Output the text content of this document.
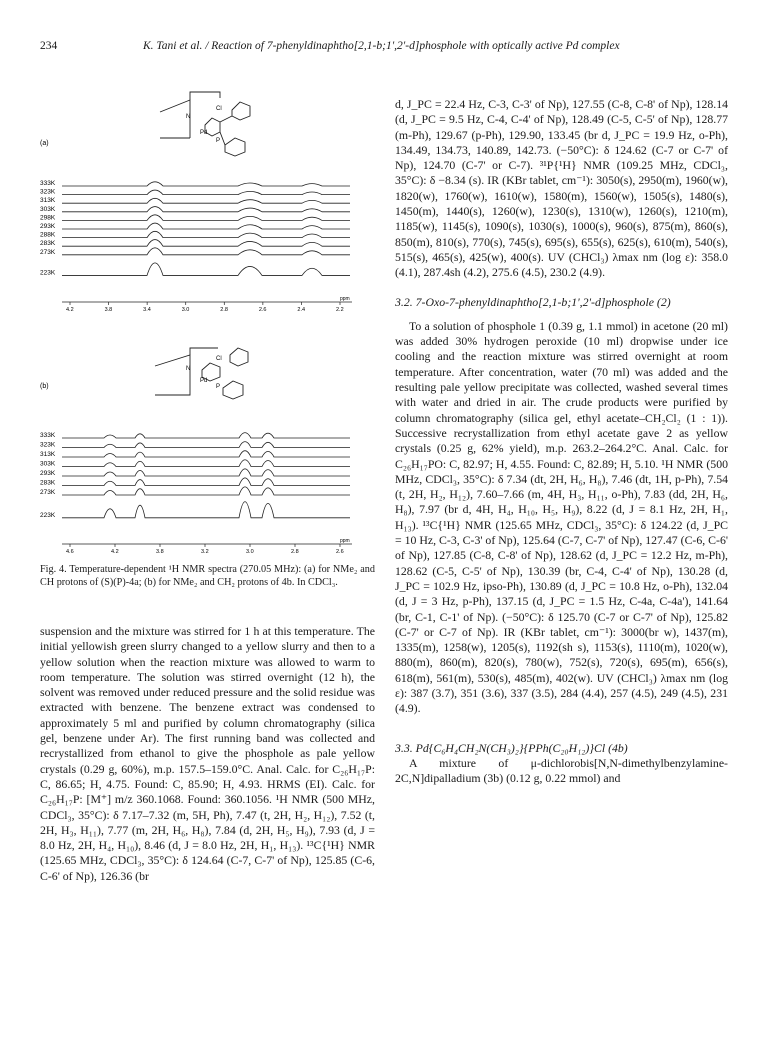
234	K. Tani et al. / Reaction of 7-phenyldinaphtho[2,1-b;1',2'-d]phosphole with optically active Pd complex
(a)
N
Pd
Cl
P
333K
323K
313K
303K
298K
293K
288K
283K
273K
223K
4.2	3.8	3.4	3.0	2.8	2.6	2.4	2.2
ppm
(b)
N
Pd
Cl
P
333K
323K
313K
303K
293K
283K
273K
223K
4.6	4.2	3.8	3.2	3.0	2.8	2.6
ppm
Fig. 4. Temperature-dependent ¹H NMR spectra (270.05 MHz): (a) for NMe₂ and CH protons of (S)(P)-4a; (b) for NMe₂ and CH₂ protons of 4b. In CDCl₃.

suspension and the mixture was stirred for 1 h at this temperature. The initial yellowish green slurry changed to a yellow slurry and then to a yellow solution when the reaction mixture was allowed to warm to room temperature. The solution was stirred overnight (12 h), the solvent was removed under reduced pressure and the solid residue was extracted with benzene. The benzene extract was condensed to approximately 5 ml and purified by column chromatography (silica gel, benzene under Ar). The first running band was collected and recrystallized from ethanol to give the phosphole as pale yellow crystals (0.29 g, 60%), m.p. 157.5–159.0°C. Anal. Calc. for C₂₆H₁₇P: C, 86.65; H, 4.75. Found: C, 85.90; H, 4.93. HRMS (EI). Calc. for C₂₆H₁₇P: [M⁺] m/z 360.1068. Found: 360.1056. ¹H NMR (500 MHz, CDCl₃, 35°C): δ 7.17–7.32 (m, 5H, Ph), 7.47 (t, 2H, H₂, H₁₂), 7.52 (t, 2H, H₃, H₁₁), 7.77 (m, 2H, H₆, H₈), 7.84 (d, 2H, H₅, H₉), 7.93 (d, J = 8.0 Hz, 2H, H₄, H₁₀), 8.46 (d, J = 8.0 Hz, 2H, H₁, H₁₃). ¹³C{¹H} NMR (125.65 MHz, CDCl₃, 35°C): δ 124.64 (C-7, C-7' of Np), 125.85 (C-6, C-6' of Np), 126.36 (br

d, J_PC = 22.4 Hz, C-3, C-3' of Np), 127.55 (C-8, C-8' of Np), 128.14 (d, J_PC = 9.5 Hz, C-4, C-4' of Np), 128.49 (C-5, C-5' of Np), 128.77 (m-Ph), 129.67 (p-Ph), 129.90, 133.45 (br d, J_PC = 19.9 Hz, o-Ph), 134.49, 134.73, 140.89, 142.73. (−50°C): δ 124.62 (C-7 or C-7' of Np), 124.70 (C-7' or C-7). ³¹P{¹H} NMR (109.25 MHz, CDCl₃, 35°C): δ −8.34 (s). IR (KBr tablet, cm⁻¹): 3050(s), 2950(m), 1960(w), 1820(w), 1760(w), 1610(w), 1580(m), 1560(w), 1505(s), 1480(s), 1450(m), 1440(s), 1260(w), 1230(s), 1310(w), 1260(s), 1210(m), 1185(w), 1145(s), 1090(s), 1030(s), 1000(s), 960(s), 875(m), 860(s), 850(m), 810(s), 770(s), 745(s), 695(s), 655(s), 625(s), 610(m), 540(s), 515(s), 465(s), 425(w), 400(s). UV (CHCl₃) λmax nm (log ε): 358.0 (4.1), 287.4sh (4.2), 275.6 (4.5), 230.2 (4.9).

3.2. 7-Oxo-7-phenyldinaphtho[2,1-b;1',2'-d]phosphole (2)

To a solution of phosphole 1 (0.39 g, 1.1 mmol) in acetone (20 ml) was added 30% hydrogen peroxide (10 ml) dropwise under ice cooling and the reaction mixture was stirred overnight at room temperature. After concentration, water (70 ml) was added and the resulting pale yellow precipitate was collected, washed several times with water and dried in air. The crude products were purified by column chromatography (silica gel, ethyl acetate–CH₂Cl₂ (1 : 1)). Successive recrystallization from ethyl acetate gave 2 as yellow crystals (0.25 g, 62% yield), m.p. 263.2–264.2°C. Anal. Calc. for C₂₆H₁₇PO: C, 82.97; H, 4.55. Found: C, 82.89; H, 5.10. ¹H NMR (500 MHz, CDCl₃, 35°C): δ 7.34 (dt, 2H, H₆, H₈), 7.46 (dt, 1H, p-Ph), 7.54 (t, 2H, H₂, H₁₂), 7.60–7.66 (m, 4H, H₃, H₁₁, o-Ph), 7.83 (dd, 2H, H₆, H₈), 7.97 (br d, 4H, H₄, H₁₀, H₅, H₉), 8.22 (d, J = 8.1 Hz, 2H, H₁, H₁₃). ¹³C{¹H} NMR (125.65 MHz, CDCl₃, 35°C): δ 124.22 (d, J_PC = 10 Hz, C-3, C-3' of Np), 125.64 (C-7, C-7' of Np), 127.47 (C-6, C-6' of Np), 127.85 (C-8, C-8' of Np), 128.62 (d, J_PC = 12.2 Hz, m-Ph), 128.62 (C-5, C-5' of Np), 130.39 (br, C-4, C-4' of Np), 130.28 (d, J_PC = 102.9 Hz, ipso-Ph), 130.89 (d, J_PC = 10.8 Hz, o-Ph), 132.04 (d, J = 3 Hz, p-Ph), 137.15 (d, J_PC = 1.5 Hz, C-4a, C-4a'), 141.64 (br, C-1, C-1' of Np). (−50°C): δ 125.70 (C-7 or C-7' of Np), 125.82 (C-7' or C-7 of Np). IR (KBr tablet, cm⁻¹): 3000(br w), 1437(m), 1335(m), 1258(w), 1205(s), 1192(sh s), 1153(s), 1110(m), 1020(w), 880(m), 860(m), 820(s), 780(w), 752(s), 720(s), 695(m), 656(s), 618(m), 561(m), 530(s), 485(m), 402(w). UV (CHCl₃) λmax nm (log ε): 387 (3.7), 351 (3.6), 337 (3.5), 284 (4.4), 257 (4.5), 249 (4.5), 231 (4.9).

3.3. Pd{C₆H₄CH₂N(CH₃)₂}{PPh(C₂₀H₁₂)}Cl (4b)

A mixture of μ-dichlorobis[N,N-dimethylbenzylamine-2C,N]dipalladium (3b) (0.12 g, 0.22 mmol) and
